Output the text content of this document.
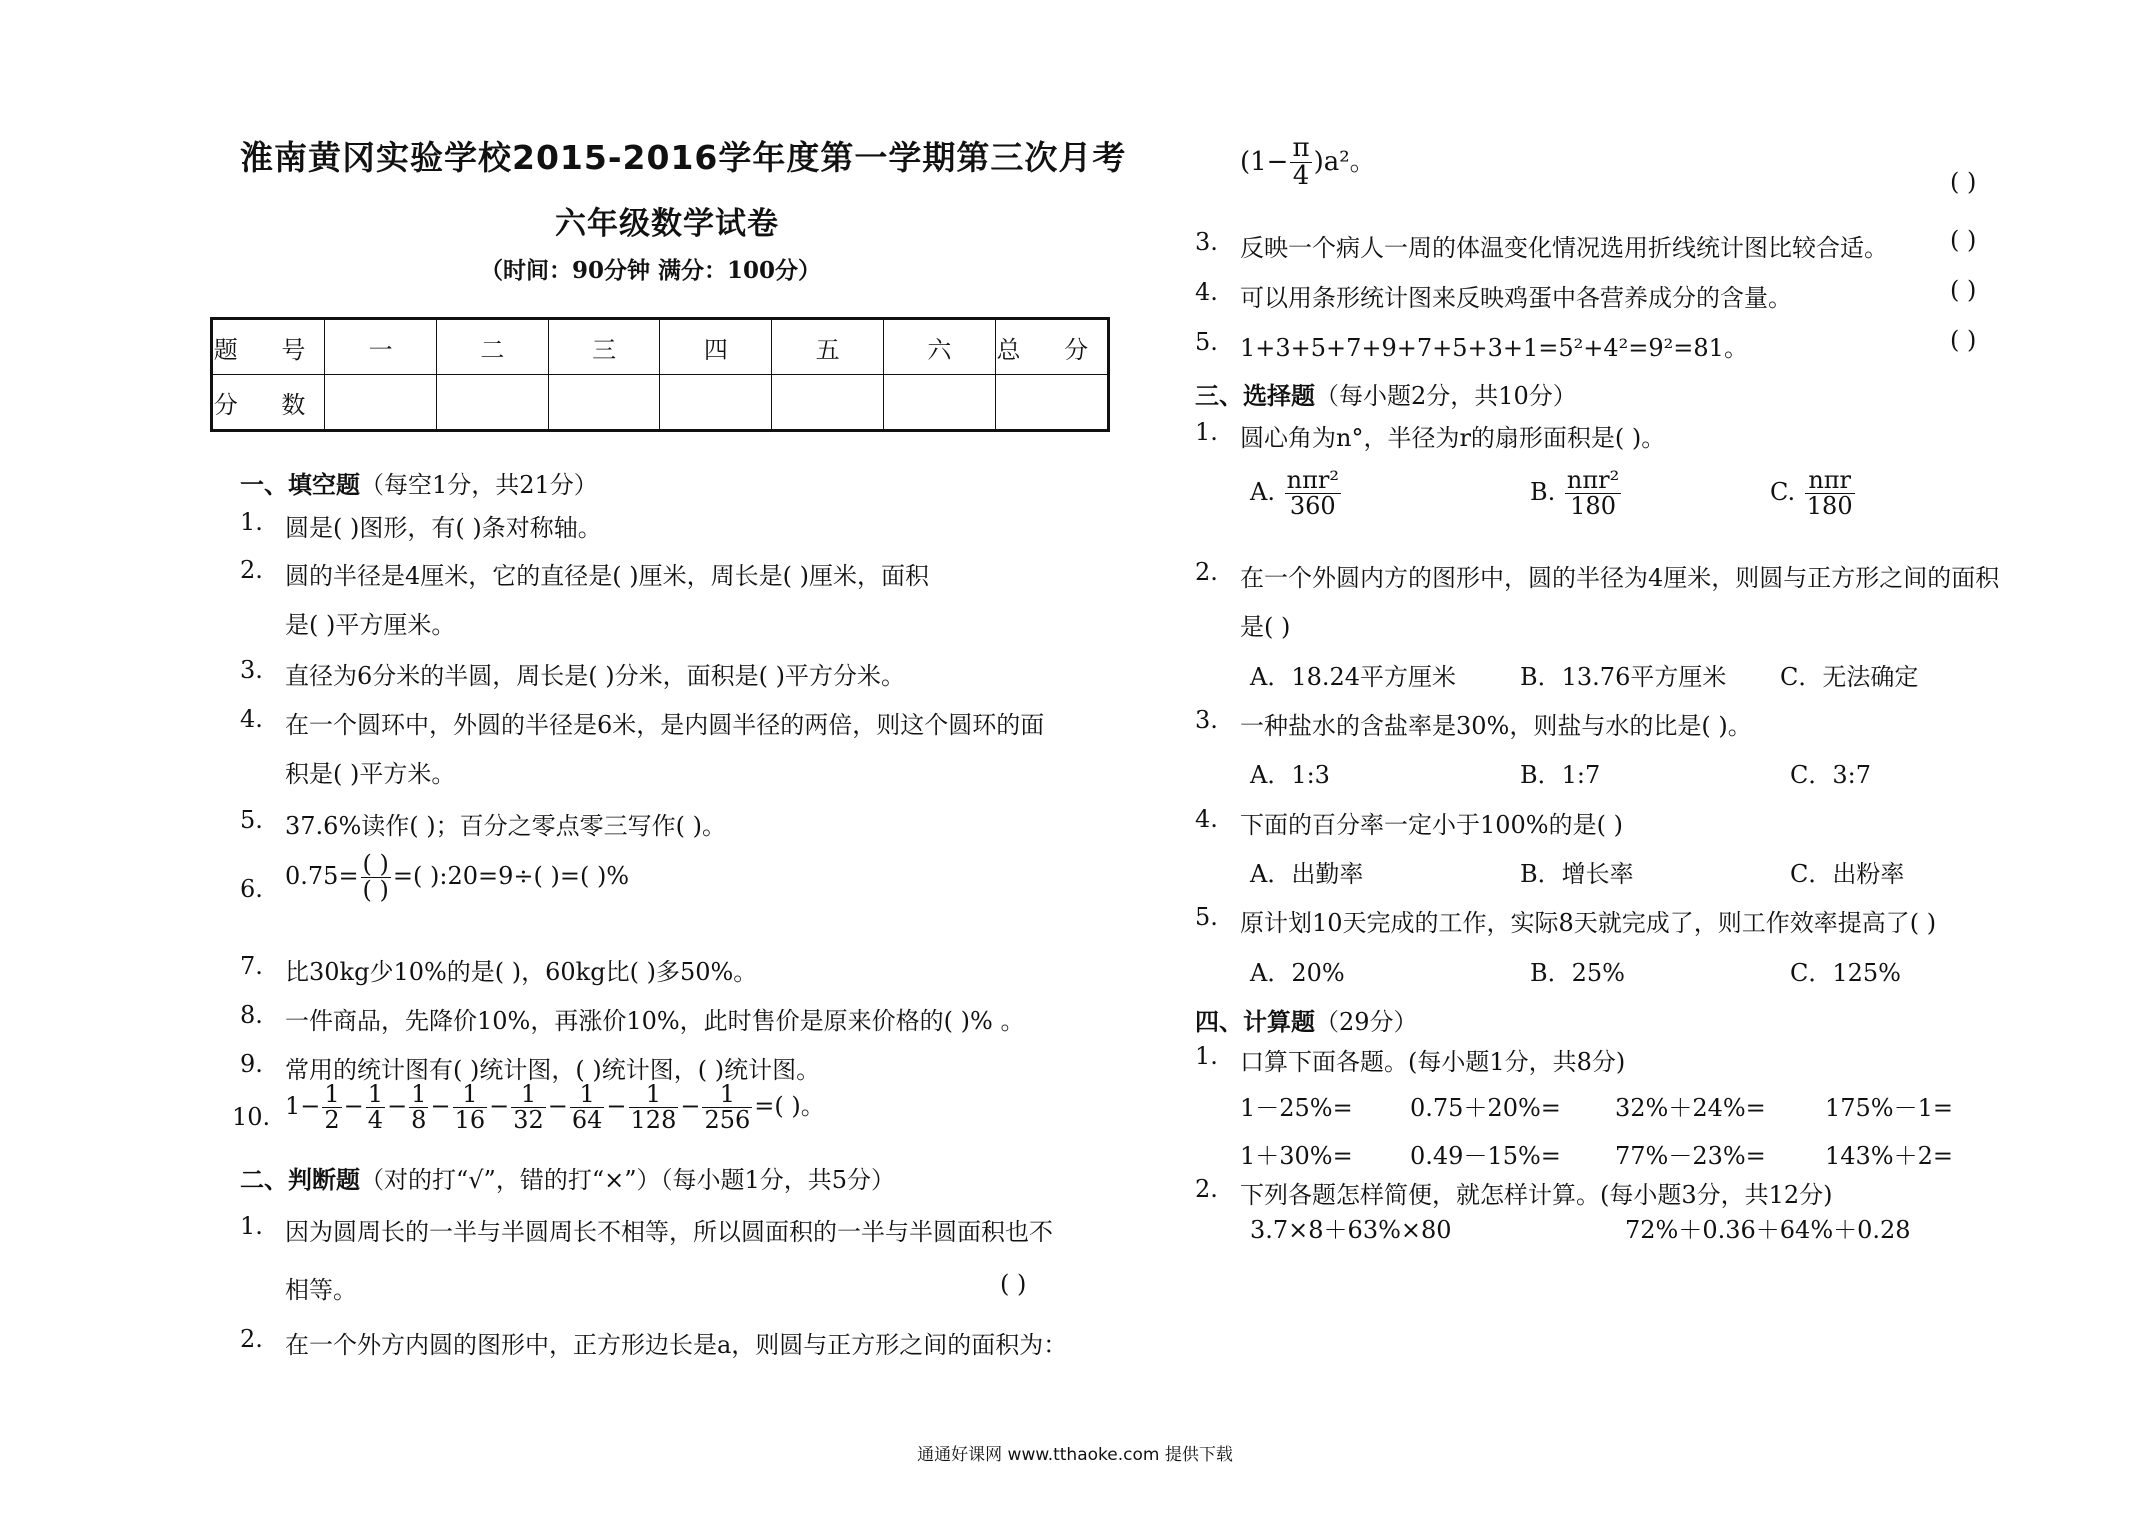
淮南黄冈实验学校2015-2016学年度第一学期第三次月考
六年级数学试卷
（时间：90分钟 满分：100分）
题 号	一	二	三	四	五	六	总 分
分 数							
一、填空题（每空1分，共21分）
1. 圆是( )图形，有( )条对称轴。
2. 圆的半径是4厘米，它的直径是( )厘米，周长是( )厘米，面积
是( )平方厘米。
3. 直径为6分米的半圆，周长是( )分米，面积是( )平方分米。
4. 在一个圆环中，外圆的半径是6米，是内圆半径的两倍，则这个圆环的面
积是( )平方米。
5. 37.6%读作( )；百分之零点零三写作( )。
6. $0.75= \frac{( )}{( )}$ =( ):20=9÷( )=( )%
7. 比30kg少10%的是( )，60kg比( )多50%。
8. 一件商品，先降价10%，再涨价10%，此时售价是原来价格的( )% 。
9. 常用的统计图有( )统计图，( )统计图，( )统计图。
10. $1- \frac{1}{2} - \frac{1}{4} - \frac{1}{8} - \frac{1}{16} - \frac{1}{32} - \frac{1}{64} - \frac{1}{128} - \frac{1}{256}$ =( )。
二、判断题（对的打“√”，错的打“×”）（每小题1分，共5分）
1. 因为圆周长的一半与半圆周长不相等，所以圆面积的一半与半圆面积也不
相等。	( )
2. 在一个外方内圆的图形中，正方形边长是a，则圆与正方形之间的面积为：
$(1- \frac{\pi}{4} )a^2$。
( )
3. 反映一个病人一周的体温变化情况选用折线统计图比较合适。	( )
4. 可以用条形统计图来反映鸡蛋中各营养成分的含量。	( )
5. 1+3+5+7+9+7+5+3+1=5²+4²=9²=81。	( )
三、选择题（每小题2分，共10分）
1. 圆心角为n°，半径为r的扇形面积是( )。
A. $\frac{\text{nπr²}}{360}$	B. $\frac{\text{nπr²}}{180}$	C. $\frac{\text{nπr}}{180}$
2. 在一个外圆内方的图形中，圆的半径为4厘米，则圆与正方形之间的面积
是( )
A．18.24平方厘米	B．13.76平方厘米 C．无法确定
3. 一种盐水的含盐率是30%，则盐与水的比是( )。
A．1:3	B．1:7	C．3:7
4. 下面的百分率一定小于100%的是( )
A．出勤率	B．增长率	C．出粉率
5. 原计划10天完成的工作，实际8天就完成了，则工作效率提高了( )
A．20%	B．25%	C．125%
四、计算题（29分）
1. 口算下面各题。(每小题1分，共8分)
1－25%= 0.75＋20%= 32%＋24%= 175%－1=
1＋30%= 0.49－15%= 77%－23%= 143%＋2=
2. 下列各题怎样简便，就怎样计算。(每小题3分，共12分)
3.7×8＋63%×80	72%＋0.36＋64%＋0.28
通通好课网 www.tthaoke.com 提供下载
